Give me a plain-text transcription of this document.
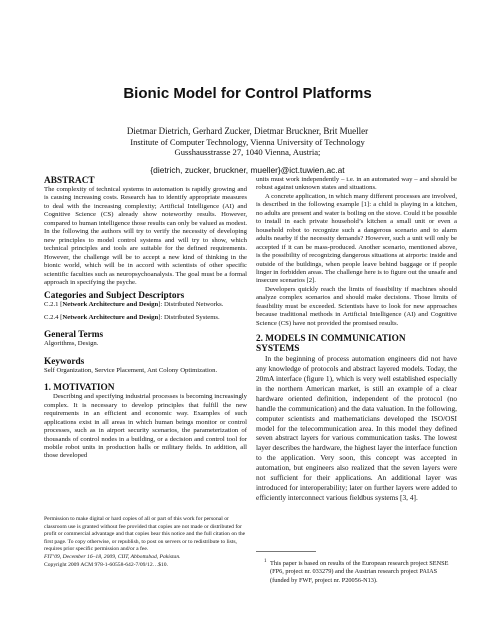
Bionic Model for Control Platforms
Dietmar Dietrich, Gerhard Zucker, Dietmar Bruckner, Brit Mueller
Institute of Computer Technology, Vienna University of Technology
Gusshausstrasse 27, 1040 Vienna, Austria;
{dietrich, zucker, bruckner, mueller}@ict.tuwien.ac.at
ABSTRACT

The complexity of technical systems in automation is rapidly growing and is causing increasing costs. Research has to identify appropriate measures to deal with the increasing complexity; Artificial Intelligence (AI) and Cognitive Science (CS) already show noteworthy results. However, compared to human intelligence those results can only be valued as modest. In the following the authors will try to verify the necessity of developing new principles to model control systems and will try to show, which technical principles and tools are suitable for the defined requirements. However, the challenge will be to accept a new kind of thinking in the bionic world, which will be in accord with scientists of other specific scientific faculties such as neuropsychoanalysis. The goal must be a formal approach in specifying the psyche.

Categories and Subject Descriptors

C.2.1 [Network Architecture and Design]: Distributed Networks.

C.2.4 [Network Architecture and Design]: Distributed Systems.

General Terms

Algorithms, Design.

Keywords

Self Organization, Service Placement, Ant Colony Optimization.

1. MOTIVATION

Describing and specifying industrial processes is becoming increasingly complex. It is necessary to develop principles that fulfill the new requirements in an efficient and economic way. Examples of such applications exist in all areas in which human beings monitor or control processes, such as in airport security scenarios, the parameterization of thousands of control nodes in a building, or a decision and control tool for mobile robot units in production halls or military fields. In addition, all those developed

Permission to make digital or hard copies of all or part of this work for personal or classroom use is granted without fee provided that copies are not made or distributed for profit or commercial advantage and that copies bear this notice and the full citation on the first page. To copy otherwise, or republish, to post on servers or to redistribute to lists, requires prior specific permission and/or a fee.

FIT’09, December 16–18, 2009, CIIT, Abbottabad, Pakistan.

Copyright 2009 ACM 978-1-60558-642-7/09/12…$10.

units must work independently – i.e. in an automated way – and should be robust against unknown states and situations.

A concrete application, in which many different processes are involved, is described in the following example [1]: a child is playing in a kitchen, no adults are present and water is boiling on the stove. Could it be possible to install in each private household’s kitchen a small unit or even a household robot to recognize such a dangerous scenario and to alarm adults nearby if the necessity demands? However, such a unit will only be accepted if it can be mass-produced. Another scenario, mentioned above, is the possibility of recognizing dangerous situations at airports: inside and outside of the buildings, when people leave behind baggage or if people linger in forbidden areas. The challenge here is to figure out the unsafe and insecure scenarios [2].

Developers quickly reach the limits of feasibility if machines should analyze complex scenarios and should make decisions. Those limits of feasibility must be exceeded. Scientists have to look for new approaches because traditional methods in Artificial Intelligence (AI) and Cognitive Science (CS) have not provided the promised results.

2. MODELS IN COMMUNICATION
SYSTEMS

In the beginning of process automation engineers did not have any knowledge of protocols and abstract layered models. Today, the 20mA interface (figure 1), which is very well established especially in the northern American market, is still an example of a clear hardware oriented definition, independent of the protocol (no handle the communication) and the data valuation. In the following, computer scientists and mathematicians developed the ISO/OSI model for the telecommunication area. In this model they defined seven abstract layers for various communication tasks. The lowest layer describes the hardware, the highest layer the interface function to the application. Very soon, this concept was accepted in automation, but engineers also realized that the seven layers were not sufficient for their applications. An additional layer was introduced for interoperability; later on further layers were added to efficiently interconnect various fieldbus systems [3, 4].

1 This paper is based on results of the European research project SENSE (FP6, project nr. 033279) and the Austrian research project PAIAS (funded by FWF, project nr. P20056-N13).
